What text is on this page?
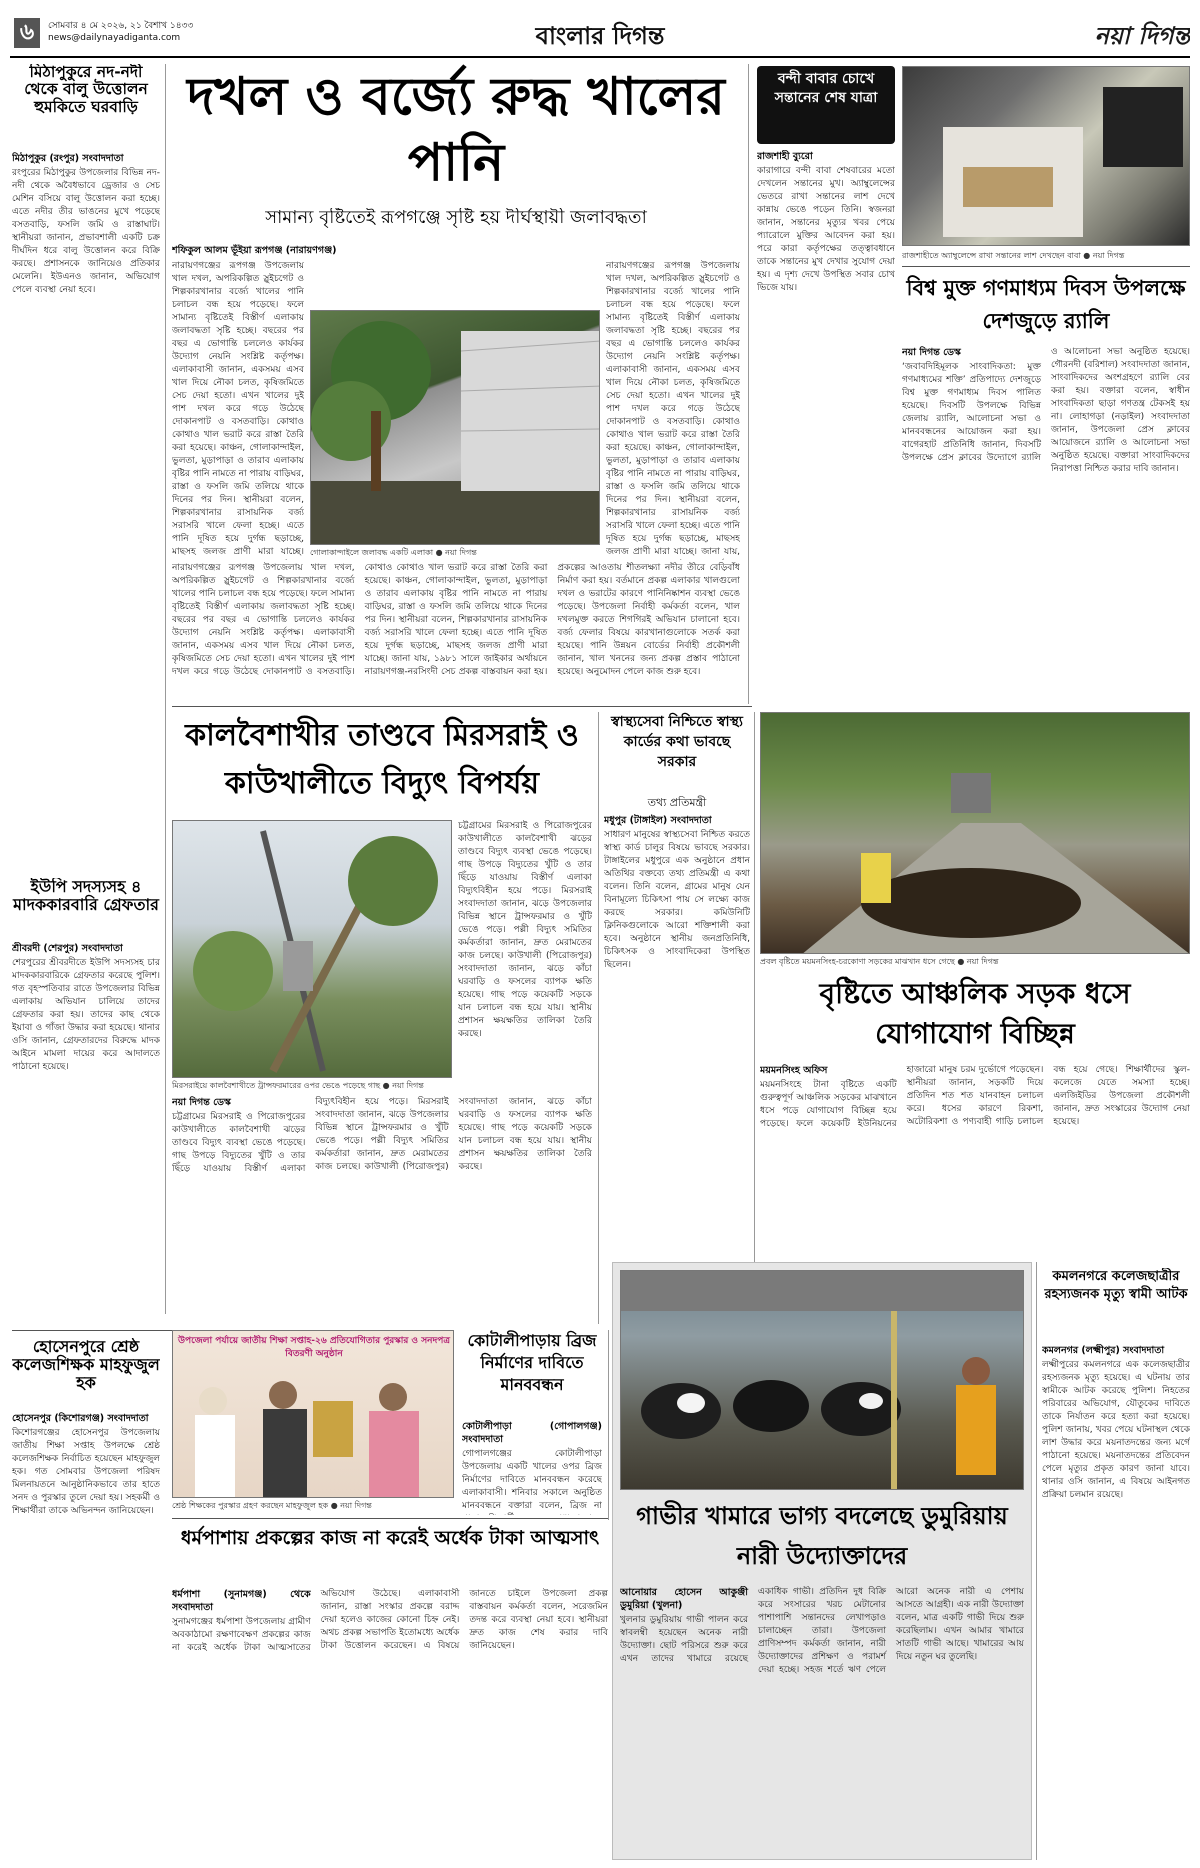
৬	সোমবার ৪ মে ২০২৬, ২১ বৈশাখ ১৪৩৩
news@dailynayadiganta.com	বাংলার দিগন্ত	নয়া দিগন্ত
মিঠাপুকুরে নদ-নদী থেকে বালু উত্তোলন হুমকিতে ঘরবাড়ি
মিঠাপুকুর (রংপুর) সংবাদদাতা
রংপুরের মিঠাপুকুর উপজেলার বিভিন্ন নদ-নদী থেকে অবৈধভাবে ড্রেজার ও সেচ মেশিন বসিয়ে বালু উত্তোলন করা হচ্ছে। এতে নদীর তীর ভাঙনের মুখে পড়েছে বসতবাড়ি, ফসলি জমি ও রাস্তাঘাট। স্থানীয়রা জানান, প্রভাবশালী একটি চক্র দীর্ঘদিন ধরে বালু উত্তোলন করে বিক্রি করছে। প্রশাসনকে জানিয়েও প্রতিকার মেলেনি। ইউএনও জানান, অভিযোগ পেলে ব্যবস্থা নেয়া হবে।
ইউপি সদস্যসহ ৪ মাদককারবারি গ্রেফতার
শ্রীবরদী (শেরপুর) সংবাদদাতা
শেরপুরের শ্রীবরদীতে ইউপি সদস্যসহ চার মাদককারবারিকে গ্রেফতার করেছে পুলিশ। গত বৃহস্পতিবার রাতে উপজেলার বিভিন্ন এলাকায় অভিযান চালিয়ে তাদের গ্রেফতার করা হয়। তাদের কাছ থেকে ইয়াবা ও গাঁজা উদ্ধার করা হয়েছে। থানার ওসি জানান, গ্রেফতারদের বিরুদ্ধে মাদক আইনে মামলা দায়ের করে আদালতে পাঠানো হয়েছে।
হোসেনপুরে শ্রেষ্ঠ কলেজশিক্ষক মাহফুজুল হক
হোসেনপুর (কিশোরগঞ্জ) সংবাদদাতা
কিশোরগঞ্জের হোসেনপুর উপজেলায় জাতীয় শিক্ষা সপ্তাহ উপলক্ষে শ্রেষ্ঠ কলেজশিক্ষক নির্বাচিত হয়েছেন মাহফুজুল হক। গত সোমবার উপজেলা পরিষদ মিলনায়তনে আনুষ্ঠানিকভাবে তার হাতে সনদ ও পুরস্কার তুলে দেয়া হয়। সহকর্মী ও শিক্ষার্থীরা তাকে অভিনন্দন জানিয়েছেন।
দখল ও বর্জ্যে রুদ্ধ খালের পানি
সামান্য বৃষ্টিতেই রূপগঞ্জে সৃষ্টি হয় দীর্ঘস্থায়ী জলাবদ্ধতা
শফিকুল আলম ভূঁইয়া রূপগঞ্জ (নারায়ণগঞ্জ)
নারায়ণগঞ্জের রূপগঞ্জ উপজেলায় খাল দখল, অপরিকল্পিত স্লুইচগেট ও শিল্পকারখানার বর্জ্যে খালের পানি চলাচল বন্ধ হয়ে পড়েছে। ফলে সামান্য বৃষ্টিতেই বিস্তীর্ণ এলাকায় জলাবদ্ধতা সৃষ্টি হচ্ছে। বছরের পর বছর এ ভোগান্তি চললেও কার্যকর উদ্যোগ নেয়নি সংশ্লিষ্ট কর্তৃপক্ষ। এলাকাবাসী জানান, একসময় এসব খাল দিয়ে নৌকা চলত, কৃষিজমিতে সেচ দেয়া হতো। এখন খালের দুই পাশ দখল করে গড়ে উঠেছে দোকানপাট ও বসতবাড়ি। কোথাও কোথাও খাল ভরাট করে রাস্তা তৈরি করা হয়েছে। কাঞ্চন, গোলাকান্দাইল, ভুলতা, মুড়াপাড়া ও তারাব এলাকায় বৃষ্টির পানি নামতে না পারায় বাড়িঘর, রাস্তা ও ফসলি জমি তলিয়ে থাকে দিনের পর দিন। স্থানীয়রা বলেন, শিল্পকারখানার রাসায়নিক বর্জ্য সরাসরি খালে ফেলা হচ্ছে। এতে পানি দূষিত হয়ে দুর্গন্ধ ছড়াচ্ছে, মাছসহ জলজ প্রাণী মারা যাচ্ছে। গোলাকান্দাইলে জলাবদ্ধ একটি এলাকা ● নয়া দিগন্ত
নারায়ণগঞ্জের রূপগঞ্জ উপজেলায় খাল দখল, অপরিকল্পিত স্লুইচগেট ও শিল্পকারখানার বর্জ্যে খালের পানি চলাচল বন্ধ হয়ে পড়েছে। ফলে সামান্য বৃষ্টিতেই বিস্তীর্ণ এলাকায় জলাবদ্ধতা সৃষ্টি হচ্ছে। বছরের পর বছর এ ভোগান্তি চললেও কার্যকর উদ্যোগ নেয়নি সংশ্লিষ্ট কর্তৃপক্ষ। এলাকাবাসী জানান, একসময় এসব খাল দিয়ে নৌকা চলত, কৃষিজমিতে সেচ দেয়া হতো। এখন খালের দুই পাশ দখল করে গড়ে উঠেছে দোকানপাট ও বসতবাড়ি। কোথাও কোথাও খাল ভরাট করে রাস্তা তৈরি করা হয়েছে। কাঞ্চন, গোলাকান্দাইল, ভুলতা, মুড়াপাড়া ও তারাব এলাকায় বৃষ্টির পানি নামতে না পারায় বাড়িঘর, রাস্তা ও ফসলি জমি তলিয়ে থাকে দিনের পর দিন। স্থানীয়রা বলেন, শিল্পকারখানার রাসায়নিক বর্জ্য সরাসরি খালে ফেলা হচ্ছে। এতে পানি দূষিত হয়ে দুর্গন্ধ ছড়াচ্ছে, মাছসহ জলজ প্রাণী মারা যাচ্ছে। জানা যায়,
নারায়ণগঞ্জের রূপগঞ্জ উপজেলায় খাল দখল, অপরিকল্পিত স্লুইচগেট ও শিল্পকারখানার বর্জ্যে খালের পানি চলাচল বন্ধ হয়ে পড়েছে। ফলে সামান্য বৃষ্টিতেই বিস্তীর্ণ এলাকায় জলাবদ্ধতা সৃষ্টি হচ্ছে। বছরের পর বছর এ ভোগান্তি চললেও কার্যকর উদ্যোগ নেয়নি সংশ্লিষ্ট কর্তৃপক্ষ। এলাকাবাসী জানান, একসময় এসব খাল দিয়ে নৌকা চলত, কৃষিজমিতে সেচ দেয়া হতো। এখন খালের দুই পাশ দখল করে গড়ে উঠেছে দোকানপাট ও বসতবাড়ি। কোথাও কোথাও খাল ভরাট করে রাস্তা তৈরি করা হয়েছে। কাঞ্চন, গোলাকান্দাইল, ভুলতা, মুড়াপাড়া ও তারাব এলাকায় বৃষ্টির পানি নামতে না পারায় বাড়িঘর, রাস্তা ও ফসলি জমি তলিয়ে থাকে দিনের পর দিন। স্থানীয়রা বলেন, শিল্পকারখানার রাসায়নিক বর্জ্য সরাসরি খালে ফেলা হচ্ছে। এতে পানি দূষিত হয়ে দুর্গন্ধ ছড়াচ্ছে, মাছসহ জলজ প্রাণী মারা যাচ্ছে। জানা যায়, ১৯৮১ সালে জাইকার অর্থায়নে নারায়ণগঞ্জ-নরসিংদী সেচ প্রকল্প বাস্তবায়ন করা হয়। প্রকল্পের আওতায় শীতলক্ষ্যা নদীর তীরে বেড়িবাঁধ নির্মাণ করা হয়। বর্তমানে প্রকল্প এলাকার খালগুলো দখল ও ভরাটের কারণে পানিনিষ্কাশন ব্যবস্থা ভেঙে পড়েছে। উপজেলা নির্বাহী কর্মকর্তা বলেন, খাল দখলমুক্ত করতে শিগগিরই অভিযান চালানো হবে। বর্জ্য ফেলার বিষয়ে কারখানাগুলোকে সতর্ক করা হয়েছে। পানি উন্নয়ন বোর্ডের নির্বাহী প্রকৌশলী জানান, খাল খননের জন্য প্রকল্প প্রস্তাব পাঠানো হয়েছে। অনুমোদন পেলে কাজ শুরু হবে।
বন্দী বাবার চোখে সন্তানের শেষ যাত্রা
রাজশাহী ব্যুরো
কারাগারে বন্দী বাবা শেষবারের মতো দেখলেন সন্তানের মুখ। অ্যাম্বুলেন্সের ভেতরে রাখা সন্তানের লাশ দেখে কান্নায় ভেঙে পড়েন তিনি। স্বজনরা জানান, সন্তানের মৃত্যুর খবর পেয়ে প্যারোলে মুক্তির আবেদন করা হয়। পরে কারা কর্তৃপক্ষের তত্ত্বাবধানে তাকে সন্তানের মুখ দেখার সুযোগ দেয়া হয়। এ দৃশ্য দেখে উপস্থিত সবার চোখ ভিজে যায়।
রাজশাহীতে অ্যাম্বুলেন্সে রাখা সন্তানের লাশ দেখছেন বাবা ● নয়া দিগন্ত
বিশ্ব মুক্ত গণমাধ্যম দিবস উপলক্ষে দেশজুড়ে র‍্যালি
নয়া দিগন্ত ডেস্ক
‘জবাবদিহিমূলক সাংবাদিকতা: মুক্ত গণমাধ্যমের শক্তি’ প্রতিপাদ্যে দেশজুড়ে বিশ্ব মুক্ত গণমাধ্যম দিবস পালিত হয়েছে। দিবসটি উপলক্ষে বিভিন্ন জেলায় র‍্যালি, আলোচনা সভা ও মানববন্ধনের আয়োজন করা হয়। বাগেরহাট প্রতিনিধি জানান, দিবসটি উপলক্ষে প্রেস ক্লাবের উদ্যোগে র‍্যালি ও আলোচনা সভা অনুষ্ঠিত হয়েছে। গৌরনদী (বরিশাল) সংবাদদাতা জানান, সাংবাদিকদের অংশগ্রহণে র‍্যালি বের করা হয়। বক্তারা বলেন, স্বাধীন সাংবাদিকতা ছাড়া গণতন্ত্র টেকসই হয় না। লোহাগড়া (নড়াইল) সংবাদদাতা জানান, উপজেলা প্রেস ক্লাবের আয়োজনে র‍্যালি ও আলোচনা সভা অনুষ্ঠিত হয়েছে। বক্তারা সাংবাদিকদের নিরাপত্তা নিশ্চিত করার দাবি জানান।
কালবৈশাখীর তাণ্ডবে মিরসরাই ও কাউখালীতে বিদ্যুৎ বিপর্যয়
মিরসরাইয়ে কালবৈশাখীতে ট্রান্সফরমারের ওপর ভেঙে পড়েছে গাছ ● নয়া দিগন্ত
চট্টগ্রামের মিরসরাই ও পিরোজপুরের কাউখালীতে কালবৈশাখী ঝড়ের তাণ্ডবে বিদ্যুৎ ব্যবস্থা ভেঙে পড়েছে। গাছ উপড়ে বিদ্যুতের খুঁটি ও তার ছিঁড়ে যাওয়ায় বিস্তীর্ণ এলাকা বিদ্যুৎবিহীন হয়ে পড়ে। মিরসরাই সংবাদদাতা জানান, ঝড়ে উপজেলার বিভিন্ন স্থানে ট্রান্সফরমার ও খুঁটি ভেঙে পড়ে। পল্লী বিদ্যুৎ সমিতির কর্মকর্তারা জানান, দ্রুত মেরামতের কাজ চলছে। কাউখালী (পিরোজপুর) সংবাদদাতা জানান, ঝড়ে কাঁচা ঘরবাড়ি ও ফসলের ব্যাপক ক্ষতি হয়েছে। গাছ পড়ে কয়েকটি সড়কে যান চলাচল বন্ধ হয়ে যায়। স্থানীয় প্রশাসন ক্ষয়ক্ষতির তালিকা তৈরি করছে।
নয়া দিগন্ত ডেস্ক
চট্টগ্রামের মিরসরাই ও পিরোজপুরের কাউখালীতে কালবৈশাখী ঝড়ের তাণ্ডবে বিদ্যুৎ ব্যবস্থা ভেঙে পড়েছে। গাছ উপড়ে বিদ্যুতের খুঁটি ও তার ছিঁড়ে যাওয়ায় বিস্তীর্ণ এলাকা বিদ্যুৎবিহীন হয়ে পড়ে। মিরসরাই সংবাদদাতা জানান, ঝড়ে উপজেলার বিভিন্ন স্থানে ট্রান্সফরমার ও খুঁটি ভেঙে পড়ে। পল্লী বিদ্যুৎ সমিতির কর্মকর্তারা জানান, দ্রুত মেরামতের কাজ চলছে। কাউখালী (পিরোজপুর) সংবাদদাতা জানান, ঝড়ে কাঁচা ঘরবাড়ি ও ফসলের ব্যাপক ক্ষতি হয়েছে। গাছ পড়ে কয়েকটি সড়কে যান চলাচল বন্ধ হয়ে যায়। স্থানীয় প্রশাসন ক্ষয়ক্ষতির তালিকা তৈরি করছে।
স্বাস্থ্যসেবা নিশ্চিতে স্বাস্থ্য কার্ডের কথা ভাবছে সরকার
তথ্য প্রতিমন্ত্রী
মধুপুর (টাঙ্গাইল) সংবাদদাতা
সাধারণ মানুষের স্বাস্থ্যসেবা নিশ্চিত করতে স্বাস্থ্য কার্ড চালুর বিষয়ে ভাবছে সরকার। টাঙ্গাইলের মধুপুরে এক অনুষ্ঠানে প্রধান অতিথির বক্তব্যে তথ্য প্রতিমন্ত্রী এ কথা বলেন। তিনি বলেন, গ্রামের মানুষ যেন বিনামূল্যে চিকিৎসা পায় সে লক্ষ্যে কাজ করছে সরকার। কমিউনিটি ক্লিনিকগুলোকে আরো শক্তিশালী করা হবে। অনুষ্ঠানে স্থানীয় জনপ্রতিনিধি, চিকিৎসক ও সাংবাদিকেরা উপস্থিত ছিলেন।	প্রবল বৃষ্টিতে ময়মনসিংহ-চরকোণা সড়কের মাঝখান ধসে গেছে ● নয়া দিগন্ত
বৃষ্টিতে আঞ্চলিক সড়ক ধসে যোগাযোগ বিচ্ছিন্ন
ময়মনসিংহ অফিস
ময়মনসিংহে টানা বৃষ্টিতে একটি গুরুত্বপূর্ণ আঞ্চলিক সড়কের মাঝখানে ধসে পড়ে যোগাযোগ বিচ্ছিন্ন হয়ে পড়েছে। ফলে কয়েকটি ইউনিয়নের হাজারো মানুষ চরম দুর্ভোগে পড়েছেন। স্থানীয়রা জানান, সড়কটি দিয়ে প্রতিদিন শত শত যানবাহন চলাচল করে। ধসের কারণে রিকশা, অটোরিকশা ও পণ্যবাহী গাড়ি চলাচল বন্ধ হয়ে গেছে। শিক্ষার্থীদের স্কুল-কলেজে যেতে সমস্যা হচ্ছে। এলজিইডির উপজেলা প্রকৌশলী জানান, দ্রুত সংস্কারের উদ্যোগ নেয়া হয়েছে।
উপজেলা পর্যায়ে জাতীয় শিক্ষা সপ্তাহ-২৬ প্রতিযোগিতার পুরস্কার ও সনদপত্র বিতরণী অনুষ্ঠান
শ্রেষ্ঠ শিক্ষকের পুরস্কার গ্রহণ করছেন মাহফুজুল হক ● নয়া দিগন্ত
কোটালীপাড়ায় ব্রিজ নির্মাণের দাবিতে মানববন্ধন
কোটালীপাড়া (গোপালগঞ্জ) সংবাদদাতা
গোপালগঞ্জের কোটালীপাড়া উপজেলায় একটি খালের ওপর ব্রিজ নির্মাণের দাবিতে মানববন্ধন করেছে এলাকাবাসী। শনিবার সকালে অনুষ্ঠিত মানববন্ধনে বক্তারা বলেন, ব্রিজ না
ধর্মপাশায় প্রকল্পের কাজ না করেই অর্ধেক টাকা আত্মসাৎ
ধর্মপাশা (সুনামগঞ্জ) থেকে সংবাদদাতা
সুনামগঞ্জের ধর্মপাশা উপজেলায় গ্রামীণ অবকাঠামো রক্ষণাবেক্ষণ প্রকল্পের কাজ না করেই অর্ধেক টাকা আত্মসাতের অভিযোগ উঠেছে। এলাকাবাসী জানান, রাস্তা সংস্কার প্রকল্পে বরাদ্দ দেয়া হলেও কাজের কোনো চিহ্ন নেই। অথচ প্রকল্প সভাপতি ইতোমধ্যে অর্ধেক টাকা উত্তোলন করেছেন। এ বিষয়ে জানতে চাইলে উপজেলা প্রকল্প বাস্তবায়ন কর্মকর্তা বলেন, সরেজমিন তদন্ত করে ব্যবস্থা নেয়া হবে। স্থানীয়রা দ্রুত কাজ শেষ করার দাবি জানিয়েছেন।
গাভীর খামারে ভাগ্য বদলেছে ডুমুরিয়ায় নারী উদ্যোক্তাদের
আনোয়ার হোসেন আকুঞ্জী ডুমুরিয়া (খুলনা)
খুলনার ডুমুরিয়ায় গাভী পালন করে স্বাবলম্বী হয়েছেন অনেক নারী উদ্যোক্তা। ছোট পরিসরে শুরু করে এখন তাদের খামারে রয়েছে একাধিক গাভী। প্রতিদিন দুধ বিক্রি করে সংসারের খরচ মেটানোর পাশাপাশি সন্তানদের লেখাপড়াও চালাচ্ছেন তারা। উপজেলা প্রাণিসম্পদ কর্মকর্তা জানান, নারী উদ্যোক্তাদের প্রশিক্ষণ ও পরামর্শ দেয়া হচ্ছে। সহজ শর্তে ঋণ পেলে আরো অনেক নারী এ পেশায় আসতে আগ্রহী। এক নারী উদ্যোক্তা বলেন, মাত্র একটি গাভী দিয়ে শুরু করেছিলাম। এখন আমার খামারে সাতটি গাভী আছে। খামারের আয় দিয়ে নতুন ঘর তুলেছি।
কমলনগরে কলেজছাত্রীর রহস্যজনক মৃত্যু স্বামী আটক
কমলনগর (লক্ষ্মীপুর) সংবাদদাতা
লক্ষ্মীপুরের কমলনগরে এক কলেজছাত্রীর রহস্যজনক মৃত্যু হয়েছে। এ ঘটনায় তার স্বামীকে আটক করেছে পুলিশ। নিহতের পরিবারের অভিযোগ, যৌতুকের দাবিতে তাকে নির্যাতন করে হত্যা করা হয়েছে। পুলিশ জানায়, খবর পেয়ে ঘটনাস্থল থেকে লাশ উদ্ধার করে ময়নাতদন্তের জন্য মর্গে পাঠানো হয়েছে। ময়নাতদন্তের প্রতিবেদন পেলে মৃত্যুর প্রকৃত কারণ জানা যাবে। থানার ওসি জানান, এ বিষয়ে আইনগত প্রক্রিয়া চলমান রয়েছে।
